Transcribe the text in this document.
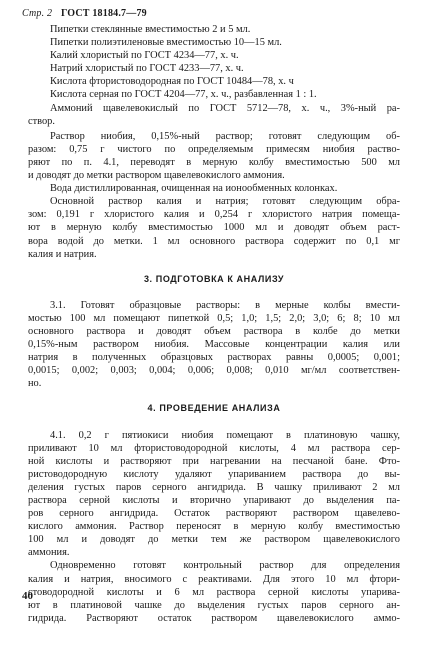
Стр. 2 ГОСТ 18184.7—79
Пипетки стеклянные вместимостью 2 и 5 мл.
Пипетки полиэтиленовые вместимостью 10—15 мл.
Калий хлористый по ГОСТ 4234—77, х. ч.
Натрий хлористый по ГОСТ 4233—77, х. ч.
Кислота фтористоводородная по ГОСТ 10484—78, х. ч
Кислота серная по ГОСТ 4204—77, х. ч., разбавленная 1 : 1.
Аммоний щавелевокислый по ГОСТ 5712—78, х. ч., 3%-ный ра-
створ.
Раствор ниобия, 0,15%-ный раствор; готовят следующим об-
разом: 0,75 г чистого по определяемым примесям ниобия раство-
ряют по п. 4.1, переводят в мерную колбу вместимостью 500 мл
и доводят до метки раствором щавелевокислого аммония.
Вода дистиллированная, очищенная на ионообменных колонках.
Основной раствор калия и натрия; готовят следующим обра-
зом: 0,191 г хлористого калия и 0,254 г хлористого натрия помеща-
ют в мерную колбу вместимостью 1000 мл и доводят объем раст-
вора водой до метки. 1 мл основного раствора содержит по 0,1 мг
калия и натрия.
3. ПОДГОТОВКА К АНАЛИЗУ
3.1. Готовят образцовые растворы: в мерные колбы вмести-
мостью 100 мл помещают пипеткой 0,5; 1,0; 1,5; 2,0; 3,0; 6; 8; 10 мл
основного раствора и доводят объем раствора в колбе до метки
0,15%-ным раствором ниобия. Массовые концентрации калия или
натрия в полученных образцовых растворах равны 0,0005; 0,001;
0,0015; 0,002; 0,003; 0,004; 0,006; 0,008; 0,010 мг/мл соответствен-
но.
4. ПРОВЕДЕНИЕ АНАЛИЗА
4.1. 0,2 г пятиокиси ниобия помещают в платиновую чашку,
приливают 10 мл фтористоводородной кислоты, 4 мл раствора сер-
ной кислоты и растворяют при нагревании на песчаной бане. Фто-
ристоводородную кислоту удаляют упариванием раствора до вы-
деления густых паров серного ангидрида. В чашку приливают 2 мл
раствора серной кислоты и вторично упаривают до выделения па-
ров серного ангидрида. Остаток растворяют раствором щавелево-
кислого аммония. Раствор переносят в мерную колбу вместимостью
100 мл и доводят до метки тем же раствором щавелевокислого
аммония.
Одновременно готовят контрольный раствор для определения
калия и натрия, вносимого с реактивами. Для этого 10 мл фтори-
стоводородной кислоты и 6 мл раствора серной кислоты упарива-
ют в платиновой чашке до выделения густых паров серного ан-
гидрида. Растворяют остаток раствором щавелевокислого аммо-
40
